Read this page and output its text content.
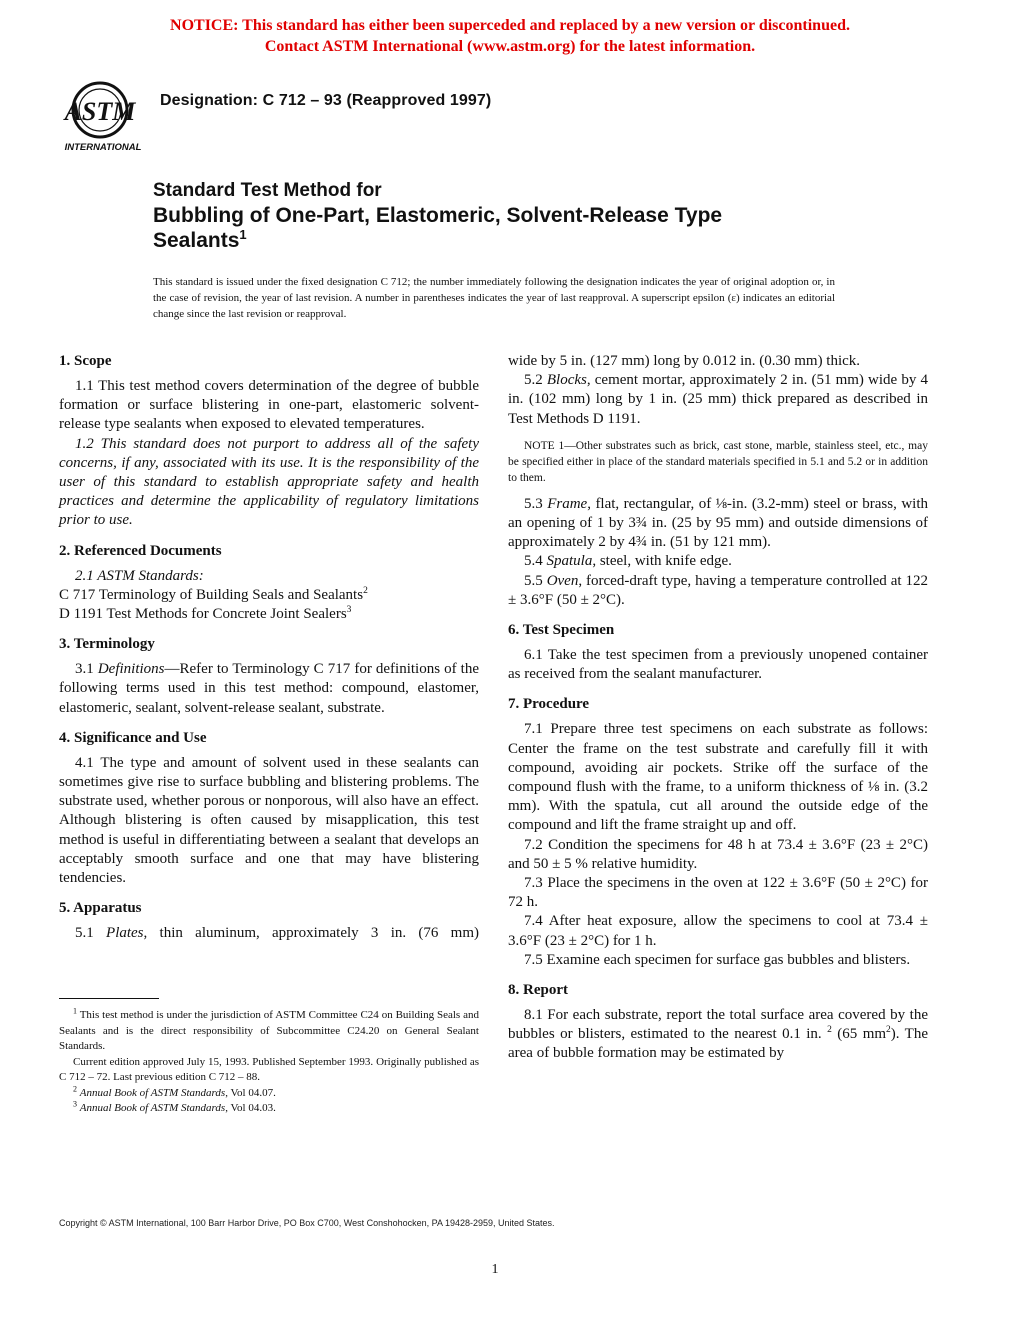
NOTICE: This standard has either been superceded and replaced by a new version or discontinued.
Contact ASTM International (www.astm.org) for the latest information.
ASTM
INTERNATIONAL
Designation: C 712 – 93 (Reapproved 1997)
Standard Test Method for
Bubbling of One-Part, Elastomeric, Solvent-Release Type
Sealants$^1$
This standard is issued under the fixed designation C 712; the number immediately following the designation indicates the year of original adoption or, in the case of revision, the year of last revision. A number in parentheses indicates the year of last reapproval. A superscript epsilon (ε) indicates an editorial change since the last revision or reapproval.
1. Scope

1.1 This test method covers determination of the degree of bubble formation or surface blistering in one-part, elastomeric solvent-release type sealants when exposed to elevated temperatures.

1.2 This standard does not purport to address all of the safety concerns, if any, associated with its use. It is the responsibility of the user of this standard to establish appropriate safety and health practices and determine the applicability of regulatory limitations prior to use.

2. Referenced Documents

2.1 ASTM Standards:

C 717 Terminology of Building Seals and Sealants$^2$

D 1191 Test Methods for Concrete Joint Sealers$^3$

3. Terminology

3.1 Definitions—Refer to Terminology C 717 for definitions of the following terms used in this test method: compound, elastomer, elastomeric, sealant, solvent-release sealant, substrate.

4. Significance and Use

4.1 The type and amount of solvent used in these sealants can sometimes give rise to surface bubbling and blistering problems. The substrate used, whether porous or nonporous, will also have an effect. Although blistering is often caused by misapplication, this test method is useful in differentiating between a sealant that develops an acceptably smooth surface and one that may have blistering tendencies.

5. Apparatus

5.1 Plates, thin aluminum, approximately 3 in. (76 mm)

wide by 5 in. (127 mm) long by 0.012 in. (0.30 mm) thick.

5.2 Blocks, cement mortar, approximately 2 in. (51 mm) wide by 4 in. (102 mm) long by 1 in. (25 mm) thick prepared as described in Test Methods D 1191.

NOTE 1—Other substrates such as brick, cast stone, marble, stainless steel, etc., may be specified either in place of the standard materials specified in 5.1 and 5.2 or in addition to them.

5.3 Frame, flat, rectangular, of ⅛-in. (3.2-mm) steel or brass, with an opening of 1 by 3¾ in. (25 by 95 mm) and outside dimensions of approximately 2 by 4¾ in. (51 by 121 mm).

5.4 Spatula, steel, with knife edge.

5.5 Oven, forced-draft type, having a temperature controlled at 122 ± 3.6°F (50 ± 2°C).

6. Test Specimen

6.1 Take the test specimen from a previously unopened container as received from the sealant manufacturer.

7. Procedure

7.1 Prepare three test specimens on each substrate as follows: Center the frame on the test substrate and carefully fill it with compound, avoiding air pockets. Strike off the surface of the compound flush with the frame, to a uniform thickness of ⅛ in. (3.2 mm). With the spatula, cut all around the outside edge of the compound and lift the frame straight up and off.

7.2 Condition the specimens for 48 h at 73.4 ± 3.6°F (23 ± 2°C) and 50 ± 5 % relative humidity.

7.3 Place the specimens in the oven at 122 ± 3.6°F (50 ± 2°C) for 72 h.

7.4 After heat exposure, allow the specimens to cool at 73.4 ± 3.6°F (23 ± 2°C) for 1 h.

7.5 Examine each specimen for surface gas bubbles and blisters.

8. Report

8.1 For each substrate, report the total surface area covered by the bubbles or blisters, estimated to the nearest 0.1 in. $^2$ (65 $mm^2$). The area of bubble formation may be estimated by

$^1$ This test method is under the jurisdiction of ASTM Committee C24 on Building Seals and Sealants and is the direct responsibility of Subcommittee C24.20 on General Sealant Standards.

Current edition approved July 15, 1993. Published September 1993. Originally published as C 712 – 72. Last previous edition C 712 – 88.

$^2$ Annual Book of ASTM Standards, Vol 04.07.

$^3$ Annual Book of ASTM Standards, Vol 04.03.

Copyright © ASTM International, 100 Barr Harbor Drive, PO Box C700, West Conshohocken, PA 19428-2959, United States.
1
